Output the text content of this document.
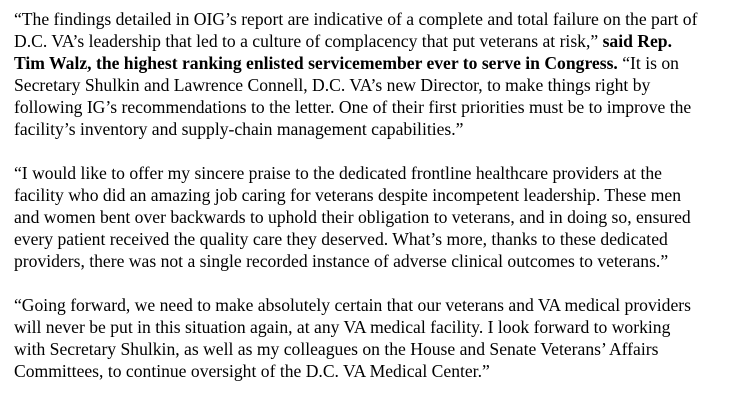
“The findings detailed in OIG’s report are indicative of a complete and total failure on the part of
D.C. VA’s leadership that led to a culture of complacency that put veterans at risk,” said Rep.
Tim Walz, the highest ranking enlisted servicemember ever to serve in Congress. “It is on
Secretary Shulkin and Lawrence Connell, D.C. VA’s new Director, to make things right by
following IG’s recommendations to the letter. One of their first priorities must be to improve the
facility’s inventory and supply-chain management capabilities.”

“I would like to offer my sincere praise to the dedicated frontline healthcare providers at the
facility who did an amazing job caring for veterans despite incompetent leadership. These men
and women bent over backwards to uphold their obligation to veterans, and in doing so, ensured
every patient received the quality care they deserved. What’s more, thanks to these dedicated
providers, there was not a single recorded instance of adverse clinical outcomes to veterans.”

“Going forward, we need to make absolutely certain that our veterans and VA medical providers
will never be put in this situation again, at any VA medical facility. I look forward to working
with Secretary Shulkin, as well as my colleagues on the House and Senate Veterans’ Affairs
Committees, to continue oversight of the D.C. VA Medical Center.”
